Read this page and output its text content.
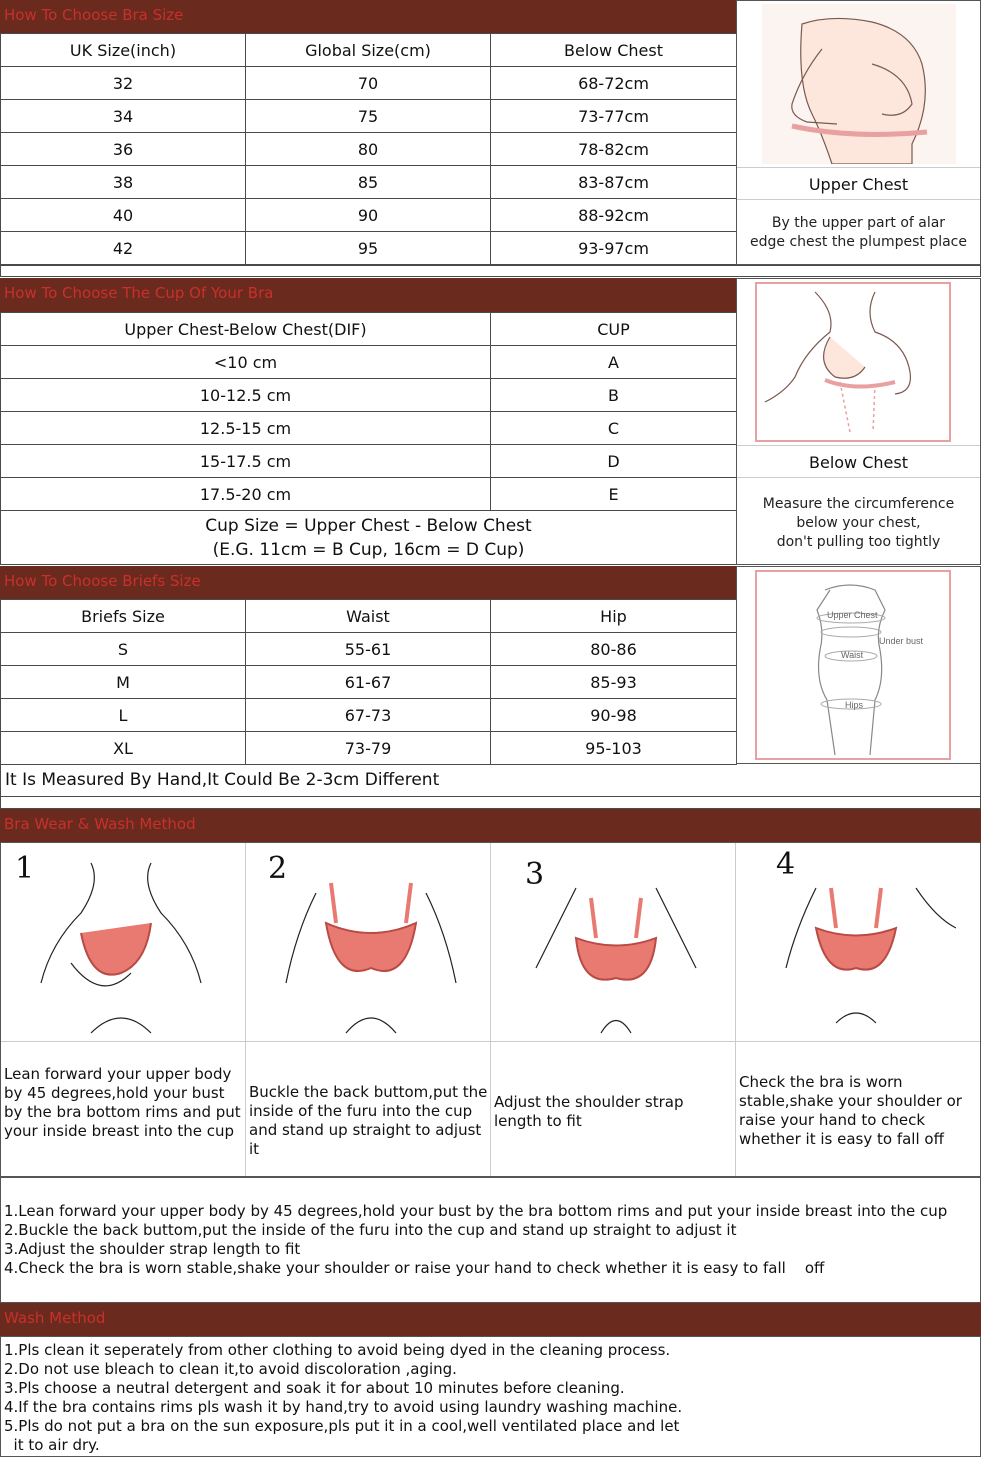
How To Choose Bra Size
UK Size(inch)	Global Size(cm)	Below Chest
32	70	68-72cm
34	75	73-77cm
36	80	78-82cm
38	85	83-87cm
40	90	88-92cm
42	95	93-97cm
Upper Chest
By the upper part of alar
edge chest the plumpest place
How To Choose The Cup Of Your Bra
Upper Chest-Below Chest(DIF)	CUP
<10 cm	A
10-12.5 cm	B
12.5-15 cm	C
15-17.5 cm	D
17.5-20 cm	E

Cup Size = Upper Chest - Below Chest
(E.G. 11cm = B Cup, 16cm = D Cup)	
Below Chest
Measure the circumference
below your chest,
don't pulling too tightly
How To Choose Briefs Size
Briefs Size	Waist	Hip
S	55-61	80-86
M	61-67	85-93
L	67-73	90-98
XL	73-79	95-103
Upper Chest
Under bust
Waist
Hips
It Is Measured By Hand,It Could Be 2-3cm Different
Bra Wear & Wash Method
1
Lean forward your upper body by 45 degrees,hold your bust by the bra bottom rims and put your inside breast into the cup
2
Buckle the back buttom,put the inside of the furu into the cup and stand up straight to adjust it
3
Adjust the shoulder strap length to fit
4
Check the bra is worn stable,shake your shoulder or raise your hand to check whether it is easy to fall off
1.Lean forward your upper body by 45 degrees,hold your bust by the bra bottom rims and put your inside breast into the cup
2.Buckle the back buttom,put the inside of the furu into the cup and stand up straight to adjust it
3.Adjust the shoulder strap length to fit
4.Check the bra is worn stable,shake your shoulder or raise your hand to check whether it is easy to fall    off
Wash Method
1.Pls clean it seperately from other clothing to avoid being dyed in the cleaning process.
2.Do not use bleach to clean it,to avoid discoloration ,aging.
3.Pls choose a neutral detergent and soak it for about 10 minutes before cleaning.
4.If the bra contains rims pls wash it by hand,try to avoid using laundry washing machine.
5.Pls do not put a bra on the sun exposure,pls put it in a cool,well ventilated place and let
it to air dry.
